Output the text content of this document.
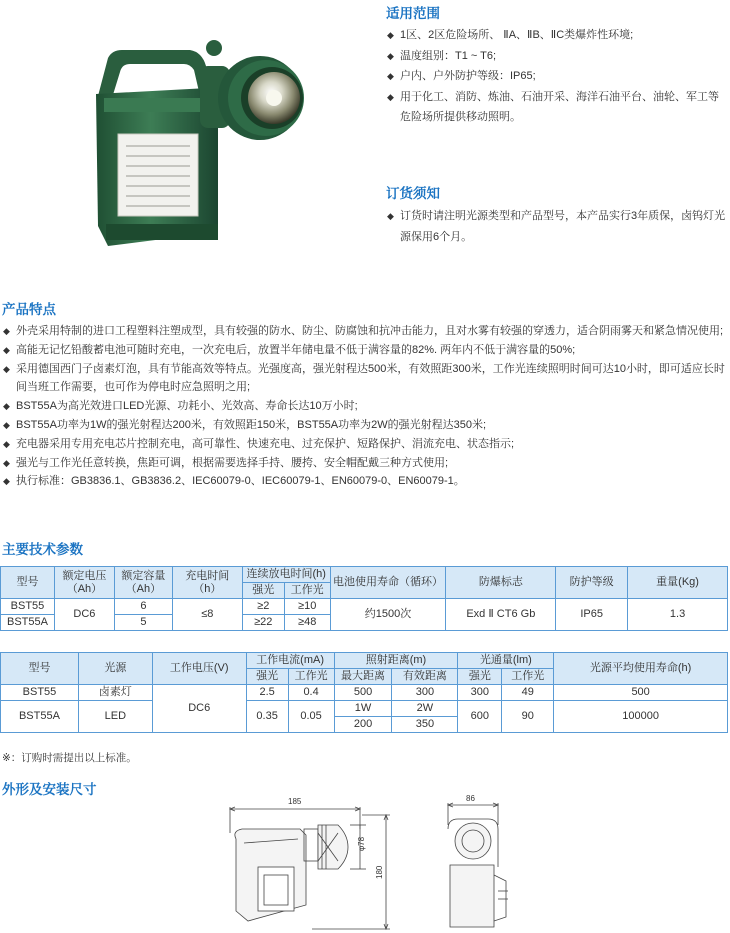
适用范围
◆ 1区、2区危险场所、 ⅡA、ⅡB、ⅡC类爆炸性环境;
◆ 温度组别：T1 ~ T6;
◆ 户内、户外防护等级：IP65;
◆ 用于化工、消防、炼油、石油开采、海洋石油平台、油轮、军工等危险场所提供移动照明。
订货须知
◆ 订货时请注明光源类型和产品型号，本产品实行3年质保，卤钨灯光源保用6个月。
产品特点
◆ 外壳采用特制的进口工程塑料注塑成型，具有较强的防水、防尘、防腐蚀和抗冲击能力，且对水雾有较强的穿透力，适合阴雨雾天和紧急情况使用;
◆ 高能无记忆铅酸蓄电池可随时充电，一次充电后，放置半年储电量不低于满容量的82%. 两年内不低于满容量的50%;
◆ 采用德国西门子卤素灯泡，具有节能高效等特点。光强度高，强光射程达500米，有效照距300米，工作光连续照明时间可达10小时，即可适应长时间当班工作需要，也可作为停电时应急照明之用;
◆ BST55A为高光效进口LED光源、功耗小、光效高、寿命长达10万小时;
◆ BST55A功率为1W的强光射程达200米，有效照距150米，BST55A功率为2W的强光射程达350米;
◆ 充电器采用专用充电芯片控制充电，高可靠性、快速充电、过充保护、短路保护、涓流充电、状态指示;
◆ 强光与工作光任意转换，焦距可调，根据需要选择手持、腰挎、安全帽配戴三种方式使用;
◆ 执行标准：GB3836.1、GB3836.2、IEC60079-0、IEC60079-1、EN60079-0、EN60079-1。
主要技术参数
型号	额定电压（Ah）	额定容量（Ah）	充电时间（h）	连续放电时间(h)		电池使用寿命（循环）	防爆标志	防护等级	重量(Kg)
				强光	工作光				
BST55	DC6	6	≤8	≥2	≥10	约1500次	Exd Ⅱ CT6 Gb	IP65	1.3
BST55A		5		≥22	≥48				
型号	光源	工作电压(V)	工作电流(mA)		照射距离(m)		光通量(lm)		光源平均使用寿命(h)
			强光	工作光	最大距离	有效距离	强光	工作光	
BST55	卤素灯	DC6	2.5	0.4	500	300	300	49	500
BST55A	LED		0.35	0.05	1W	2W	600	90	100000
					200	350			
※：订购时需提出以上标准。
外形及安装尺寸
185
φ78
180
86
